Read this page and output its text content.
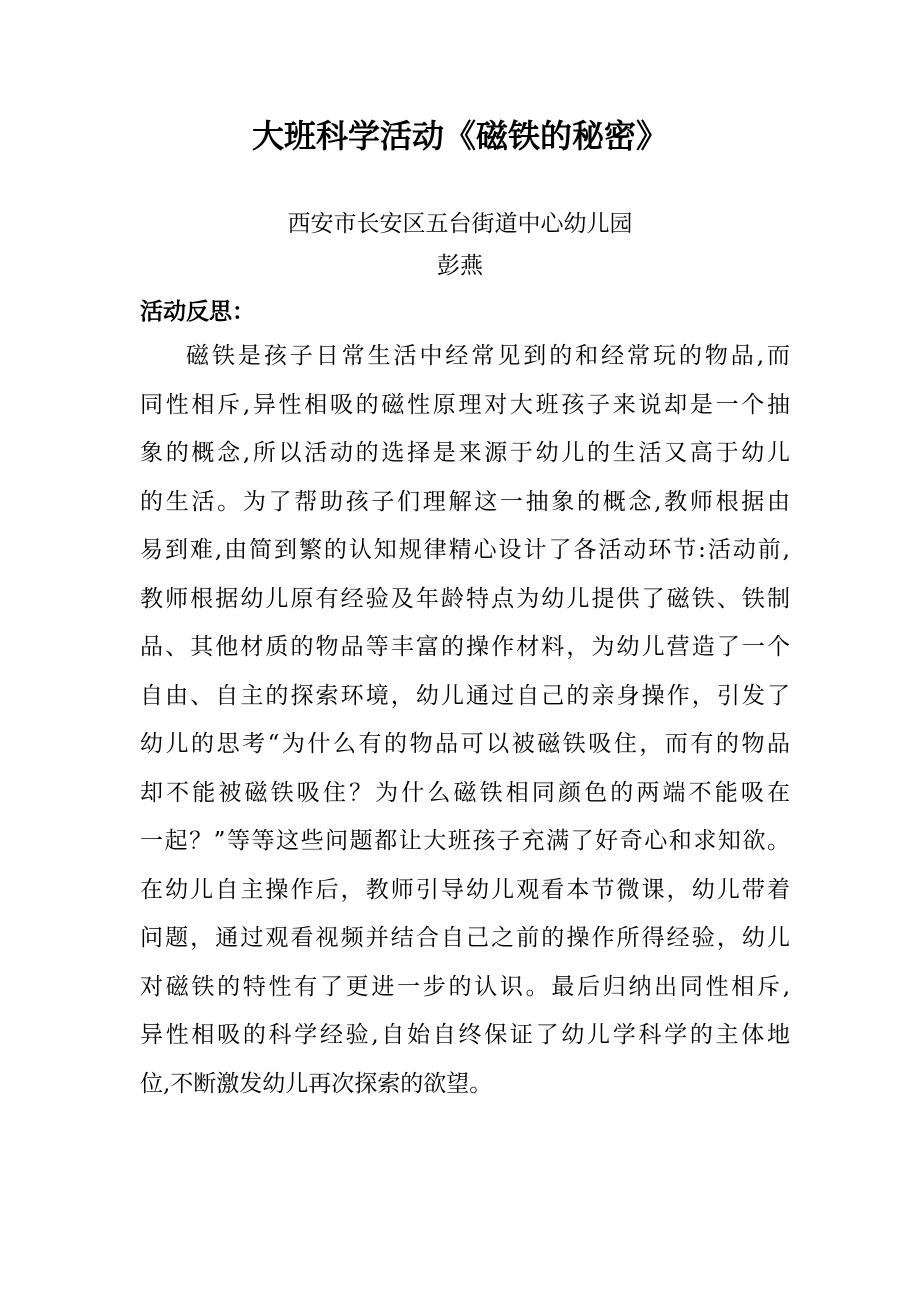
大班科学活动《磁铁的秘密》
西安市长安区五台街道中心幼儿园
彭燕
活动反思：
磁铁是孩子日常生活中经常见到的和经常玩的物品,而
同性相斥,异性相吸的磁性原理对大班孩子来说却是一个抽
象的概念,所以活动的选择是来源于幼儿的生活又高于幼儿
的生活。为了帮助孩子们理解这一抽象的概念,教师根据由
易到难,由简到繁的认知规律精心设计了各活动环节:活动前,
教师根据幼儿原有经验及年龄特点为幼儿提供了磁铁、铁制
品、其他材质的物品等丰富的操作材料，为幼儿营造了一个
自由、自主的探索环境，幼儿通过自己的亲身操作，引发了
幼儿的思考“为什么有的物品可以被磁铁吸住，而有的物品
却不能被磁铁吸住？为什么磁铁相同颜色的两端不能吸在
一起？”等等这些问题都让大班孩子充满了好奇心和求知欲。
在幼儿自主操作后，教师引导幼儿观看本节微课，幼儿带着
问题，通过观看视频并结合自己之前的操作所得经验，幼儿
对磁铁的特性有了更进一步的认识。最后归纳出同性相斥,
异性相吸的科学经验,自始自终保证了幼儿学科学的主体地
位,不断激发幼儿再次探索的欲望。
